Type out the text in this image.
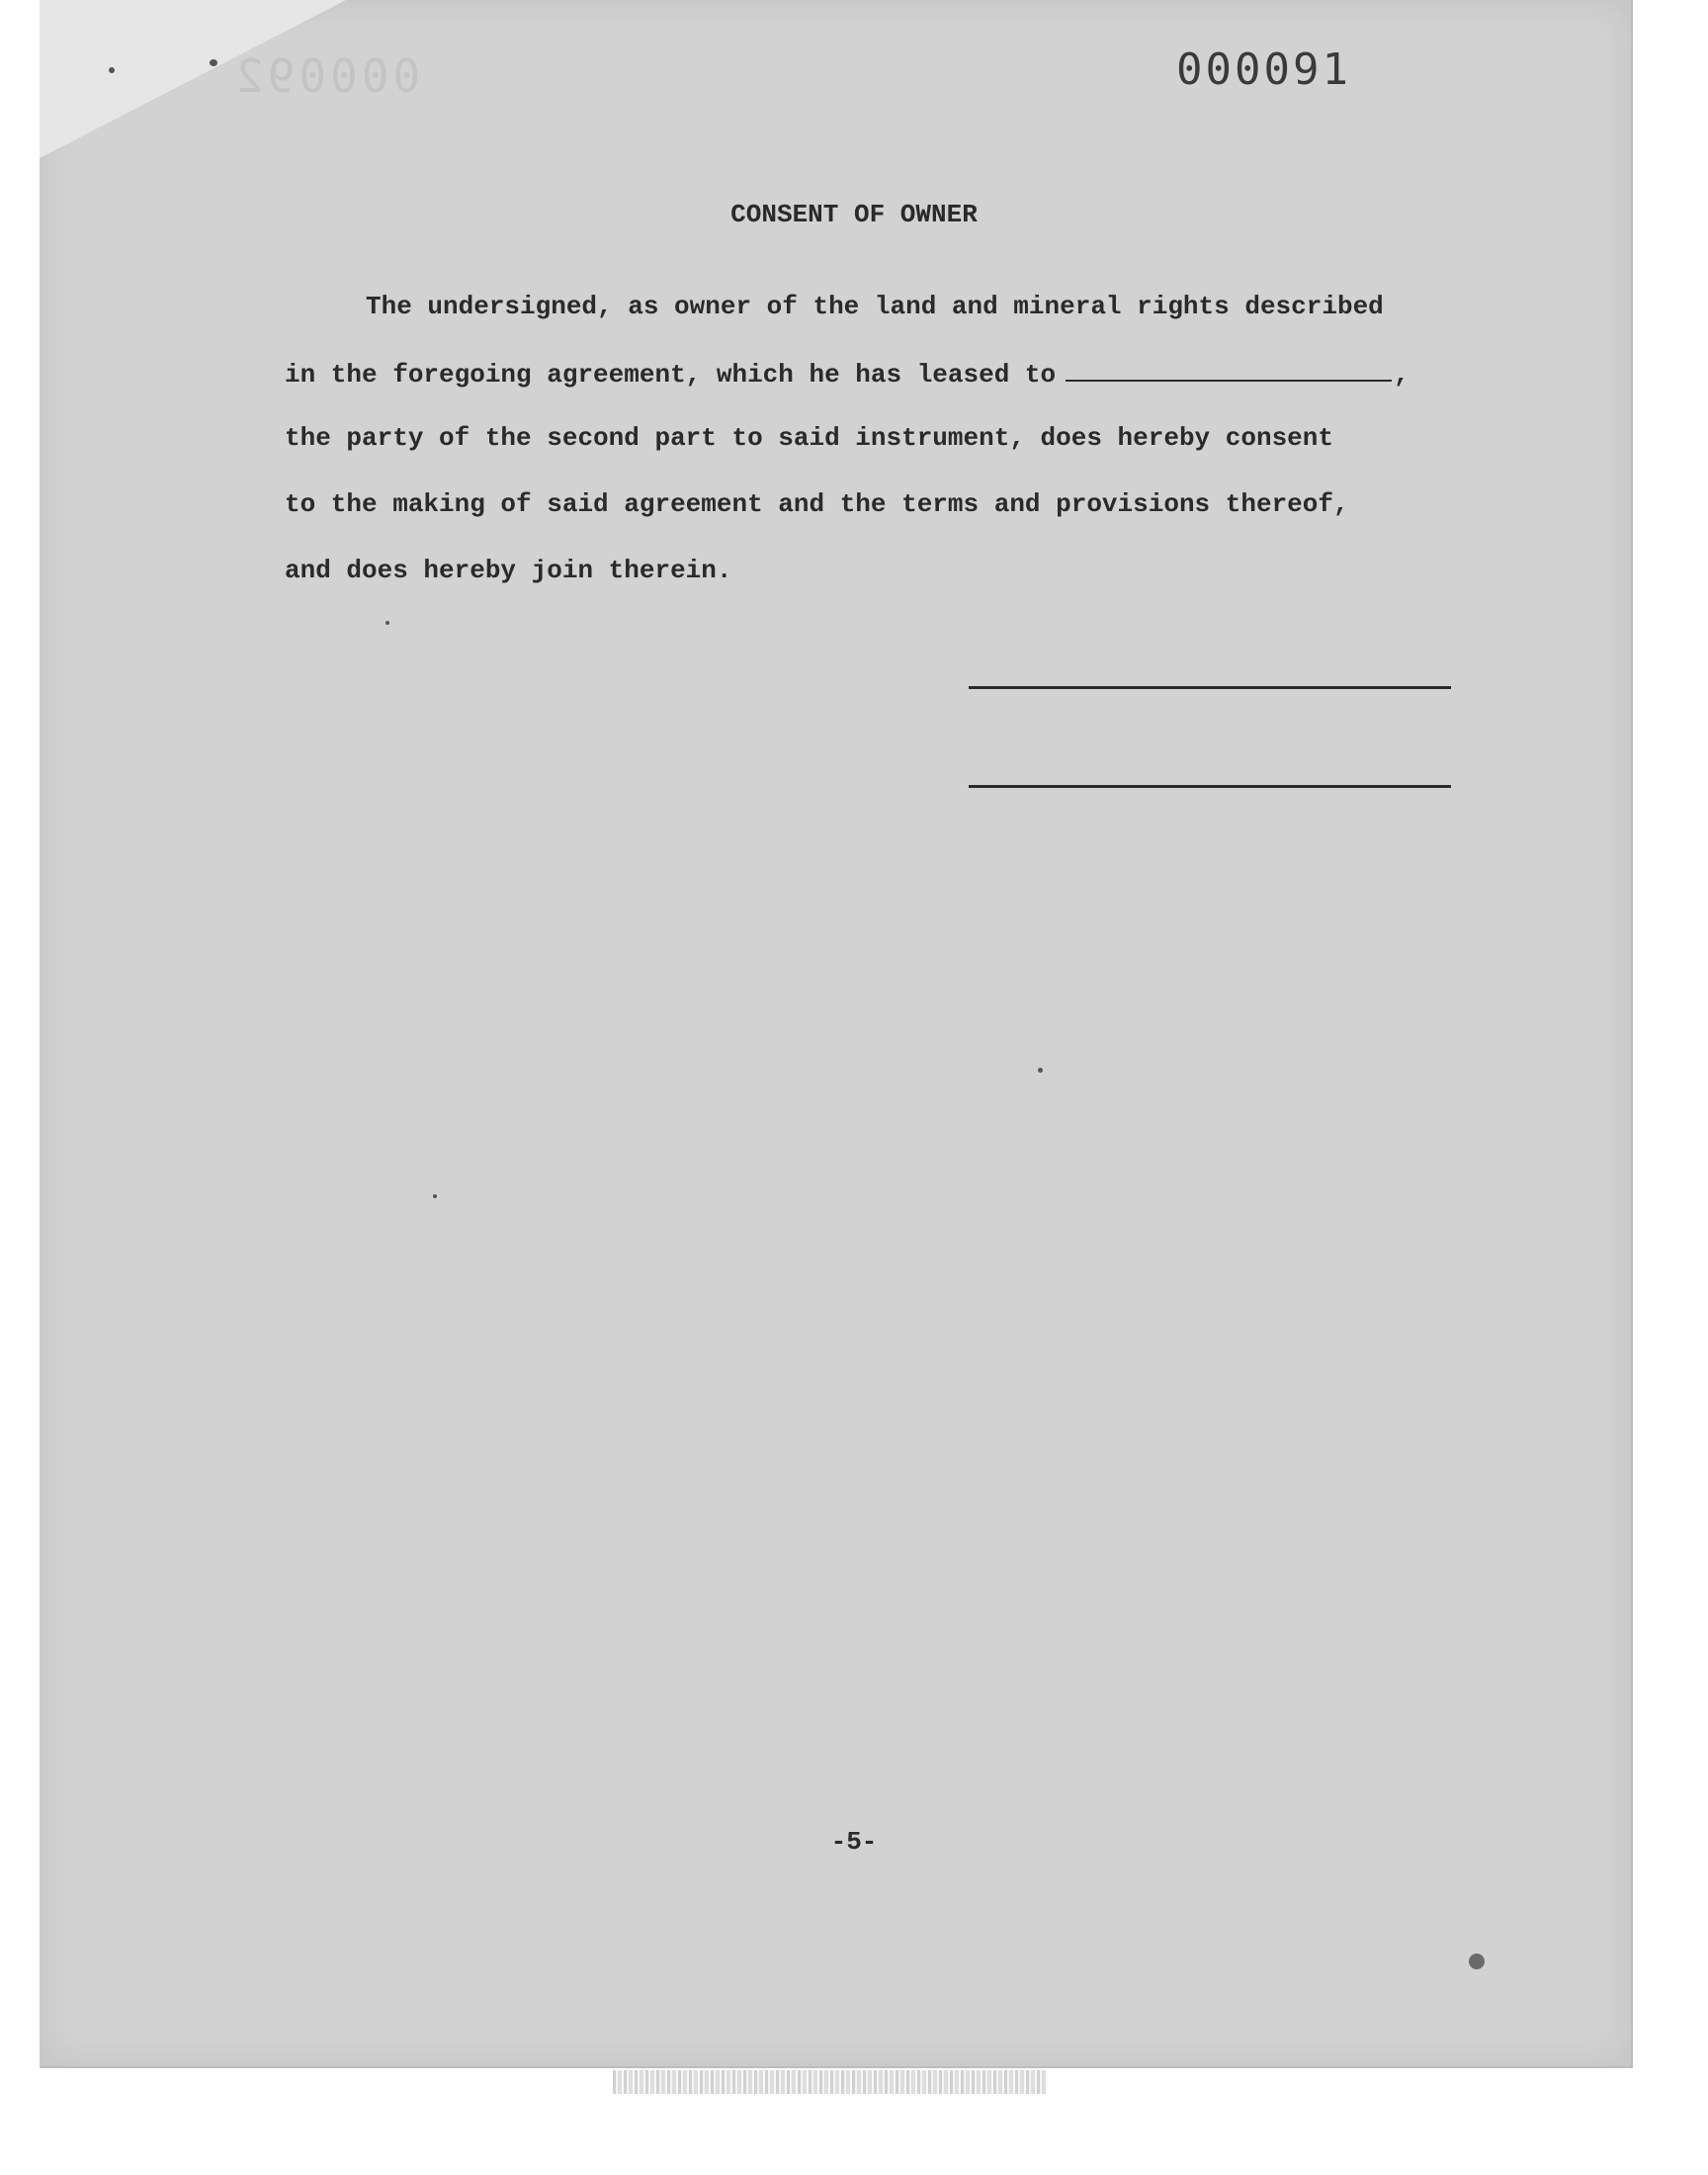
000092	000091
CONSENT OF OWNER
The undersigned, as owner of the land and mineral rights described
in the foregoing agreement, which he has leased to	,
the party of the second part to said instrument, does hereby consent
to the making of said agreement and the terms and provisions thereof,
and does hereby join therein.
-5-
